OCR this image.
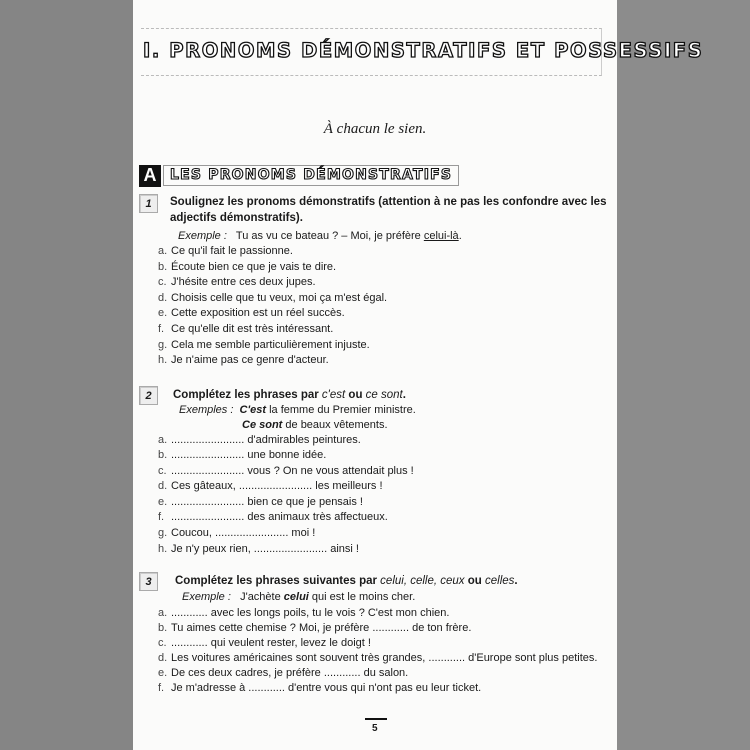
I. PRONOMS DÉMONSTRATIFS ET POSSESSIFS
À chacun le sien.
A LES PRONOMS DÉMONSTRATIFS
1	Soulignez les pronoms démonstratifs (attention à ne pas les confondre avec les
adjectifs démonstratifs).
Exemple : Tu as vu ce bateau ? – Moi, je préfère celui-là.
a. Ce qu'il fait le passionne.
b. Écoute bien ce que je vais te dire.
c. J'hésite entre ces deux jupes.
d. Choisis celle que tu veux, moi ça m'est égal.
e. Cette exposition est un réel succès.
f. Ce qu'elle dit est très intéressant.
g. Cela me semble particulièrement injuste.
h. Je n'aime pas ce genre d'acteur.
2	Complétez les phrases par c'est ou ce sont.
Exemples : C'est la femme du Premier ministre.
Ce sont de beaux vêtements.
a. ........................ d'admirables peintures.
b. ........................ une bonne idée.
c. ........................ vous ? On ne vous attendait plus !
d. Ces gâteaux, ........................ les meilleurs !
e. ........................ bien ce que je pensais !
f. ........................ des animaux très affectueux.
g. Coucou, ........................ moi !
h. Je n'y peux rien, ........................ ainsi !
3	Complétez les phrases suivantes par celui, celle, ceux ou celles.
Exemple : J'achète celui qui est le moins cher.
a. ............ avec les longs poils, tu le vois ? C'est mon chien.
b. Tu aimes cette chemise ? Moi, je préfère ............ de ton frère.
c. ............ qui veulent rester, levez le doigt !
d. Les voitures américaines sont souvent très grandes, ............ d'Europe sont plus petites.
e. De ces deux cadres, je préfère ............ du salon.
f. Je m'adresse à ............ d'entre vous qui n'ont pas eu leur ticket.
5
